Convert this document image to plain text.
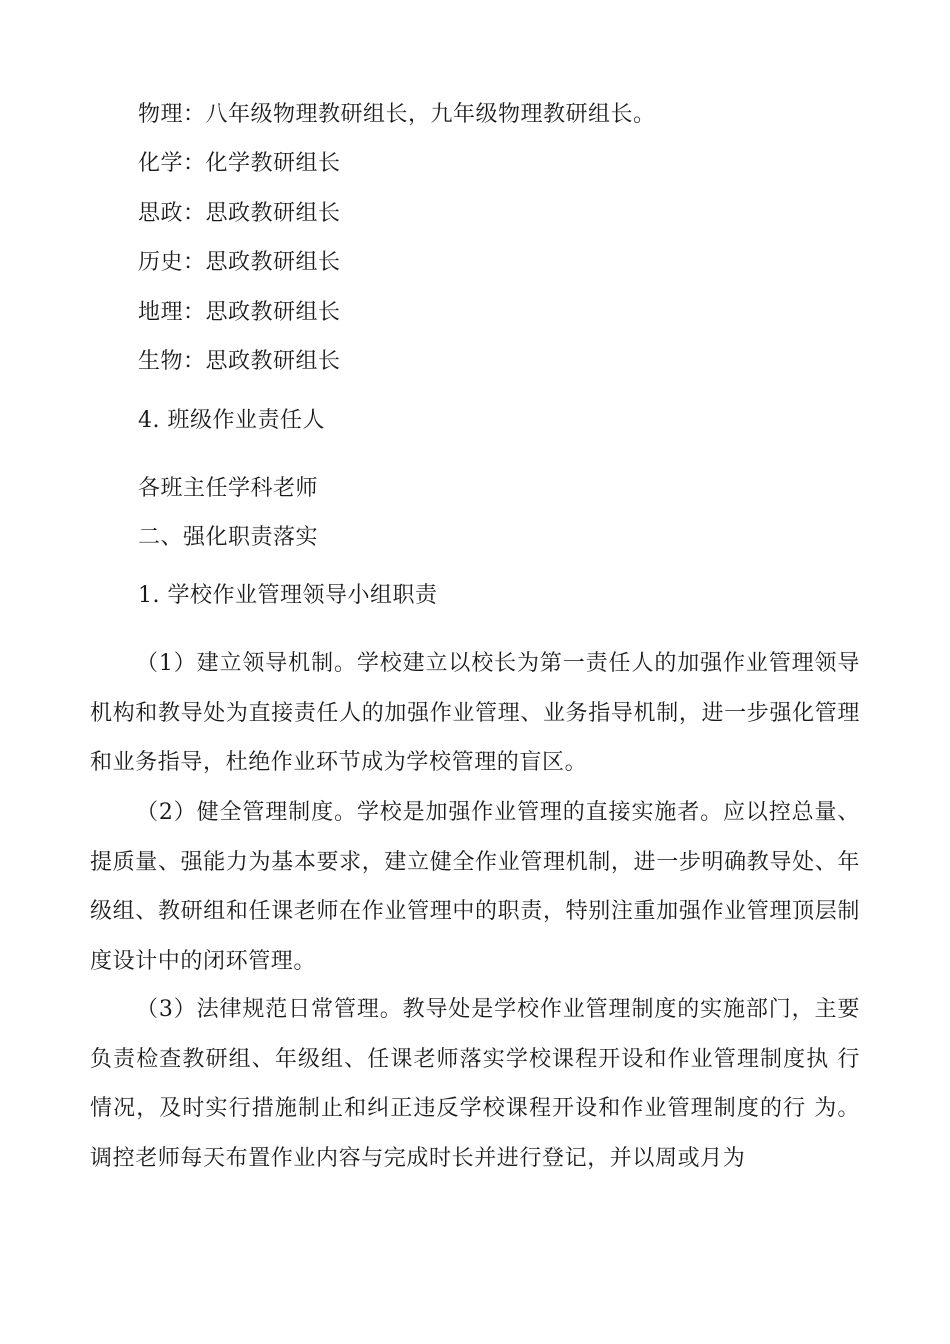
物理：八年级物理教研组长，九年级物理教研组长。
化学：化学教研组长
思政：思政教研组长
历史：思政教研组长
地理：思政教研组长
生物：思政教研组长
4. 班级作业责任人
各班主任学科老师
二、强化职责落实
1. 学校作业管理领导小组职责

（1）建立领导机制。学校建立以校长为第一责任人的加强作业管理领导机构和教导处为直接责任人的加强作业管理、业务指导机制，进一步强化管理和业务指导，杜绝作业环节成为学校管理的盲区。

（2）健全管理制度。学校是加强作业管理的直接实施者。应以控总量、提质量、强能力为基本要求，建立健全作业管理机制，进一步明确教导处、年级组、教研组和任课老师在作业管理中的职责，特别注重加强作业管理顶层制度设计中的闭环管理。

（3）法律规范日常管理。教导处是学校作业管理制度的实施部门，主要 负责检查教研组、年级组、任课老师落实学校课程开设和作业管理制度执 行情况，及时实行措施制止和纠正违反学校课程开设和作业管理制度的行 为。调控老师每天布置作业内容与完成时长并进行登记，并以周或月为
